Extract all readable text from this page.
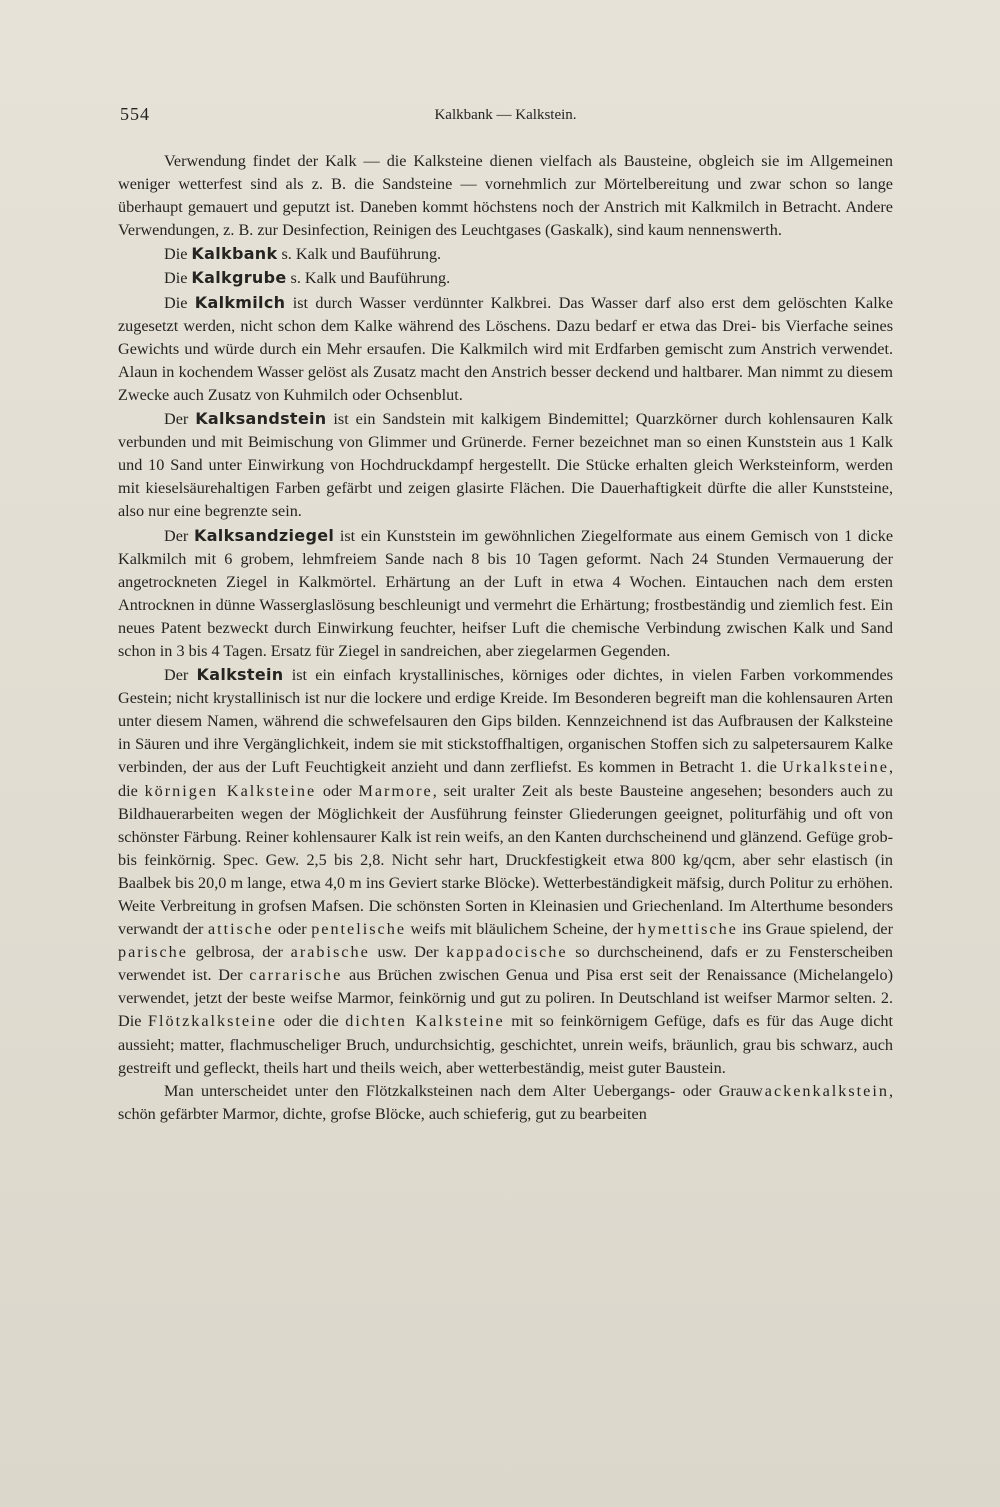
554	Kalkbank — Kalkstein.

Verwendung findet der Kalk — die Kalksteine dienen vielfach als Bausteine, obgleich sie im Allgemeinen weniger wetterfest sind als z. B. die Sandsteine — vornehmlich zur Mörtelbereitung und zwar schon so lange überhaupt gemauert und geputzt ist. Daneben kommt höchstens noch der Anstrich mit Kalkmilch in Betracht. Andere Verwendungen, z. B. zur Desinfection, Reinigen des Leuchtgases (Gaskalk), sind kaum nennenswerth.

Die Kalkbank s. Kalk und Bauführung.

Die Kalkgrube s. Kalk und Bauführung.

Die Kalkmilch ist durch Wasser verdünnter Kalkbrei. Das Wasser darf also erst dem gelöschten Kalke zugesetzt werden, nicht schon dem Kalke während des Löschens. Dazu bedarf er etwa das Drei- bis Vierfache seines Gewichts und würde durch ein Mehr ersaufen. Die Kalkmilch wird mit Erdfarben gemischt zum Anstrich verwendet. Alaun in kochendem Wasser gelöst als Zusatz macht den Anstrich besser deckend und haltbarer. Man nimmt zu diesem Zwecke auch Zusatz von Kuhmilch oder Ochsenblut.

Der Kalksandstein ist ein Sandstein mit kalkigem Bindemittel; Quarzkörner durch kohlensauren Kalk verbunden und mit Beimischung von Glimmer und Grünerde. Ferner bezeichnet man so einen Kunststein aus 1 Kalk und 10 Sand unter Einwirkung von Hochdruckdampf hergestellt. Die Stücke erhalten gleich Werksteinform, werden mit kieselsäurehaltigen Farben gefärbt und zeigen glasirte Flächen. Die Dauerhaftigkeit dürfte die aller Kunststeine, also nur eine begrenzte sein.

Der Kalksandziegel ist ein Kunststein im gewöhnlichen Ziegelformate aus einem Gemisch von 1 dicke Kalkmilch mit 6 grobem, lehmfreiem Sande nach 8 bis 10 Tagen geformt. Nach 24 Stunden Vermauerung der angetrockneten Ziegel in Kalkmörtel. Erhärtung an der Luft in etwa 4 Wochen. Eintauchen nach dem ersten Antrocknen in dünne Wasserglaslösung beschleunigt und vermehrt die Erhärtung; frostbeständig und ziemlich fest. Ein neues Patent bezweckt durch Einwirkung feuchter, heifser Luft die chemische Verbindung zwischen Kalk und Sand schon in 3 bis 4 Tagen. Ersatz für Ziegel in sandreichen, aber ziegelarmen Gegenden.

Der Kalkstein ist ein einfach krystallinisches, körniges oder dichtes, in vielen Farben vorkommendes Gestein; nicht krystallinisch ist nur die lockere und erdige Kreide. Im Besonderen begreift man die kohlensauren Arten unter diesem Namen, während die schwefelsauren den Gips bilden. Kennzeichnend ist das Aufbrausen der Kalksteine in Säuren und ihre Vergänglichkeit, indem sie mit stickstoffhaltigen, organischen Stoffen sich zu salpetersaurem Kalke verbinden, der aus der Luft Feuchtigkeit anzieht und dann zerfliefst. Es kommen in Betracht 1. die Urkalksteine, die körnigen Kalksteine oder Marmore, seit uralter Zeit als beste Bausteine angesehen; besonders auch zu Bildhauerarbeiten wegen der Möglichkeit der Ausführung feinster Gliederungen geeignet, politurfähig und oft von schönster Färbung. Reiner kohlensaurer Kalk ist rein weifs, an den Kanten durchscheinend und glänzend. Gefüge grob- bis feinkörnig. Spec. Gew. 2,5 bis 2,8. Nicht sehr hart, Druckfestigkeit etwa 800 kg/qcm, aber sehr elastisch (in Baalbek bis 20,0 m lange, etwa 4,0 m ins Geviert starke Blöcke). Wetterbeständigkeit mäfsig, durch Politur zu erhöhen. Weite Verbreitung in grofsen Mafsen. Die schönsten Sorten in Kleinasien und Griechenland. Im Alterthume besonders verwandt der attische oder pentelische weifs mit bläulichem Scheine, der hymettische ins Graue spielend, der parische gelbrosa, der arabische usw. Der kappadocische so durchscheinend, dafs er zu Fensterscheiben verwendet ist. Der carrarische aus Brüchen zwischen Genua und Pisa erst seit der Renaissance (Michelangelo) verwendet, jetzt der beste weifse Marmor, feinkörnig und gut zu poliren. In Deutschland ist weifser Marmor selten. 2. Die Flötzkalksteine oder die dichten Kalksteine mit so feinkörnigem Gefüge, dafs es für das Auge dicht aussieht; matter, flachmuscheliger Bruch, undurchsichtig, geschichtet, unrein weifs, bräunlich, grau bis schwarz, auch gestreift und gefleckt, theils hart und theils weich, aber wetterbeständig, meist guter Baustein.

Man unterscheidet unter den Flötzkalksteinen nach dem Alter Uebergangs- oder Grauwackenkalkstein, schön gefärbter Marmor, dichte, grofse Blöcke, auch schieferig, gut zu bearbeiten
